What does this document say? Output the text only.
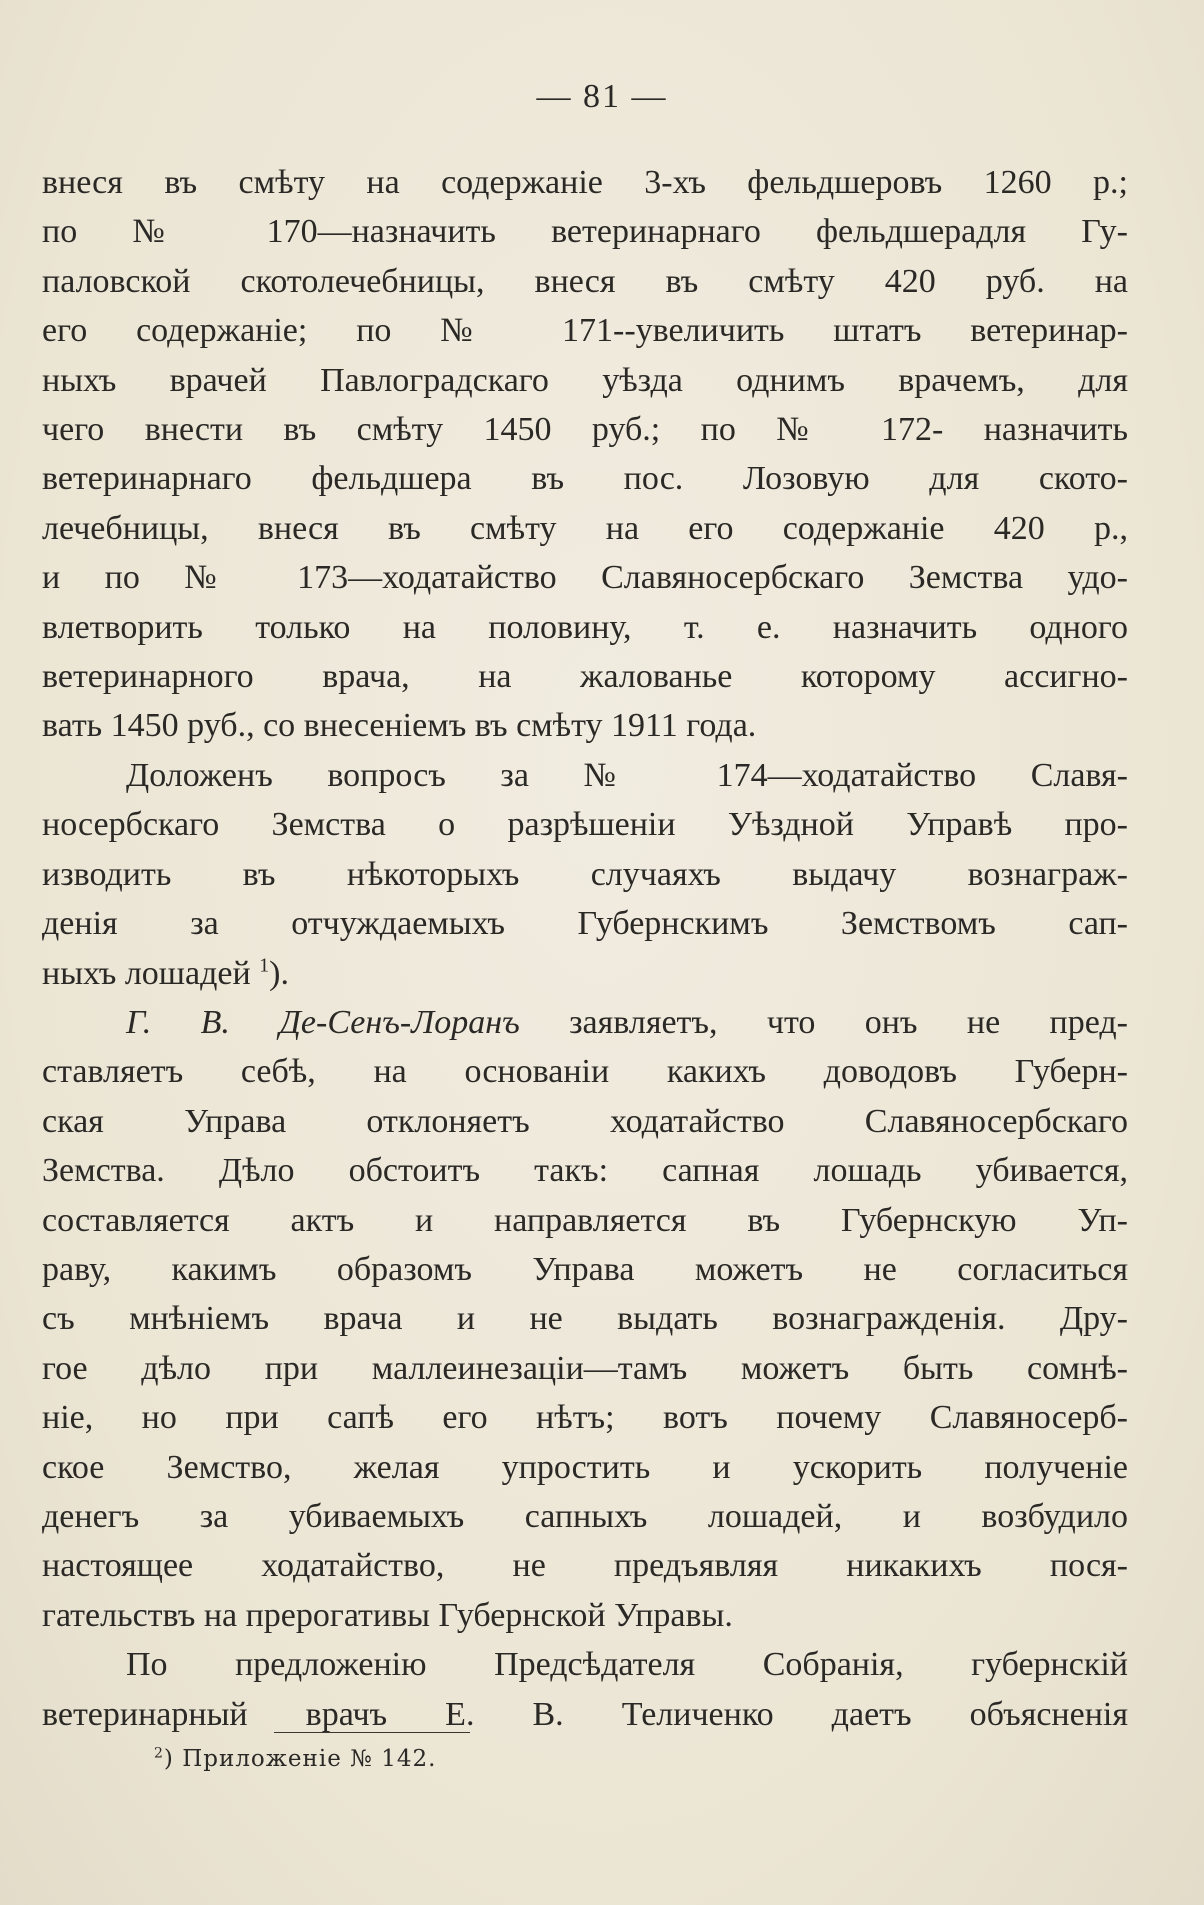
— 81 —
внеся въ смѣту на содержанie 3-хъ фельдшеровъ 1260 р.;
по № 170—назначить ветеринарнаго фельдшерадля Гу-
паловской скотолечебницы, внеся въ смѣту 420 руб. на
его содержанie; по № 171--увеличить штатъ ветеринар-
ныхъ врачей Павлоградскаго уѣзда однимъ врачемъ, для
чего внести въ смѣту 1450 руб.; по № 172- назначить
ветеринарнаго фельдшера въ пос. Лозовую для ското-
лечебницы, внеся въ смѣту на его содержанie 420 р.,
и по № 173—ходатайство Славяносербскаго Земства удо-
влетворить только на половину, т. е. назначить одного
ветеринарного врача, на жалованье которому ассигно-
вать 1450 руб., со внесенieмъ въ смѣту 1911 года.
Доложенъ вопросъ за № 174—ходатайство Славя-
носербскаго Земства о разрѣшенiи Уѣздной Управѣ про-
изводить въ нѣкоторыхъ случаяхъ выдачу вознаграж-
денiя за отчуждаемыхъ Губернскимъ Земствомъ сап-
ныхъ лошадей $^1$).
Г. В. Де-Сенъ-Лоранъ заявляетъ, что онъ не пред-
ставляетъ себѣ, на основанiи какихъ доводовъ Губерн-
ская Управа отклоняетъ ходатайство Славяносербскаго
Земства. Дѣло обстоитъ такъ: сапная лошадь убивается,
составляется актъ и направляется въ Губернскую Уп-
раву, какимъ образомъ Управа можетъ не согласиться
съ мнѣнieмъ врача и не выдать вознагражденiя. Дру-
гое дѣло при маллеинезацiи—тамъ можетъ быть сомнѣ-
нie, но при сапѣ его нѣтъ; вотъ почему Славяносерб-
ское Земство, желая упростить и ускорить полученie
денегъ за убиваемыхъ сапныхъ лошадей, и возбудило
настоящее ходатайство, не предъявляя никакихъ пося-
гательствъ на прерогативы Губернской Управы.
По предложенiю Предсѣдателя Собранiя, губернскiй
ветеринарный врачъ Е. В. Теличенко даетъ объясненiя
$^2$) Приложенie № 142.
